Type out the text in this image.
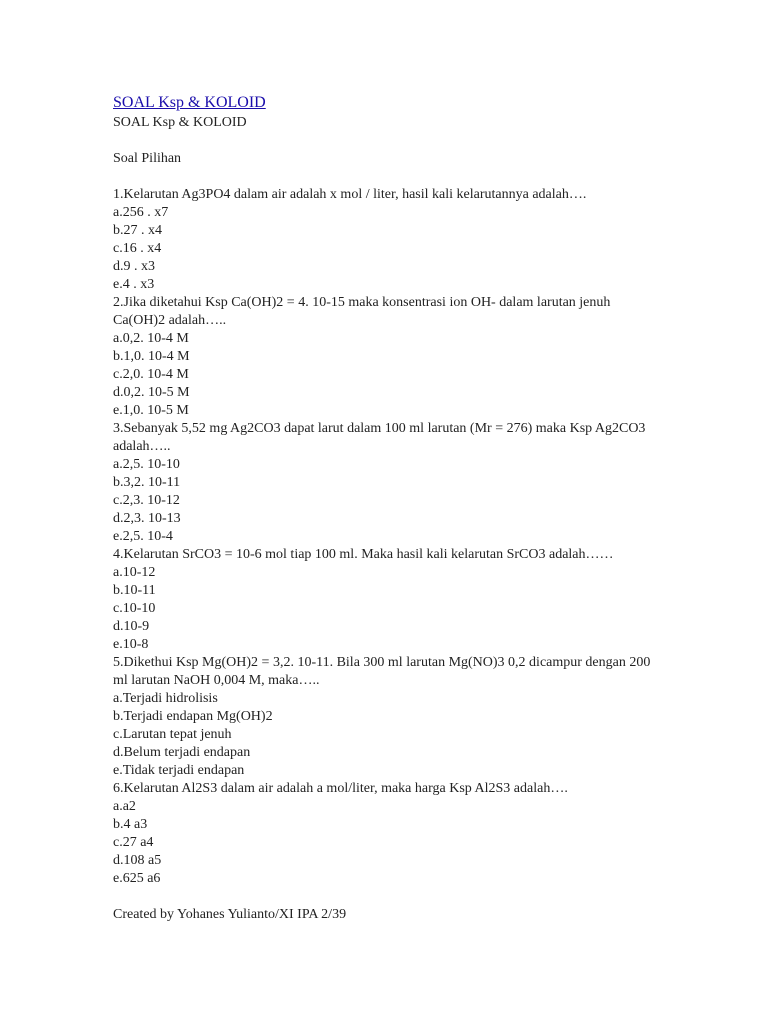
SOAL Ksp & KOLOID
SOAL Ksp & KOLOID
Soal Pilihan
1.Kelarutan Ag3PO4 dalam air adalah x mol / liter, hasil kali kelarutannya adalah….
a.256 . x7
b.27 . x4
c.16 . x4
d.9 . x3
e.4 . x3
2.Jika diketahui Ksp Ca(OH)2 = 4. 10-15 maka konsentrasi ion OH- dalam larutan jenuh Ca(OH)2 adalah…..
a.0,2. 10-4 M
b.1,0. 10-4 M
c.2,0. 10-4 M
d.0,2. 10-5 M
e.1,0. 10-5 M
3.Sebanyak 5,52 mg Ag2CO3 dapat larut dalam 100 ml larutan (Mr = 276) maka Ksp Ag2CO3 adalah…..
a.2,5. 10-10
b.3,2. 10-11
c.2,3. 10-12
d.2,3. 10-13
e.2,5. 10-4
4.Kelarutan SrCO3 = 10-6 mol tiap 100 ml. Maka hasil kali kelarutan SrCO3 adalah……
a.10-12
b.10-11
c.10-10
d.10-9
e.10-8
5.Dikethui Ksp Mg(OH)2 = 3,2. 10-11. Bila 300 ml larutan Mg(NO)3 0,2 dicampur dengan 200 ml larutan NaOH 0,004 M, maka…..
a.Terjadi hidrolisis
b.Terjadi endapan Mg(OH)2
c.Larutan tepat jenuh
d.Belum terjadi endapan
e.Tidak terjadi endapan
6.Kelarutan Al2S3 dalam air adalah a mol/liter, maka harga Ksp Al2S3 adalah….
a.a2
b.4 a3
c.27 a4
d.108 a5
e.625 a6
Created by Yohanes Yulianto/XI IPA 2/39
